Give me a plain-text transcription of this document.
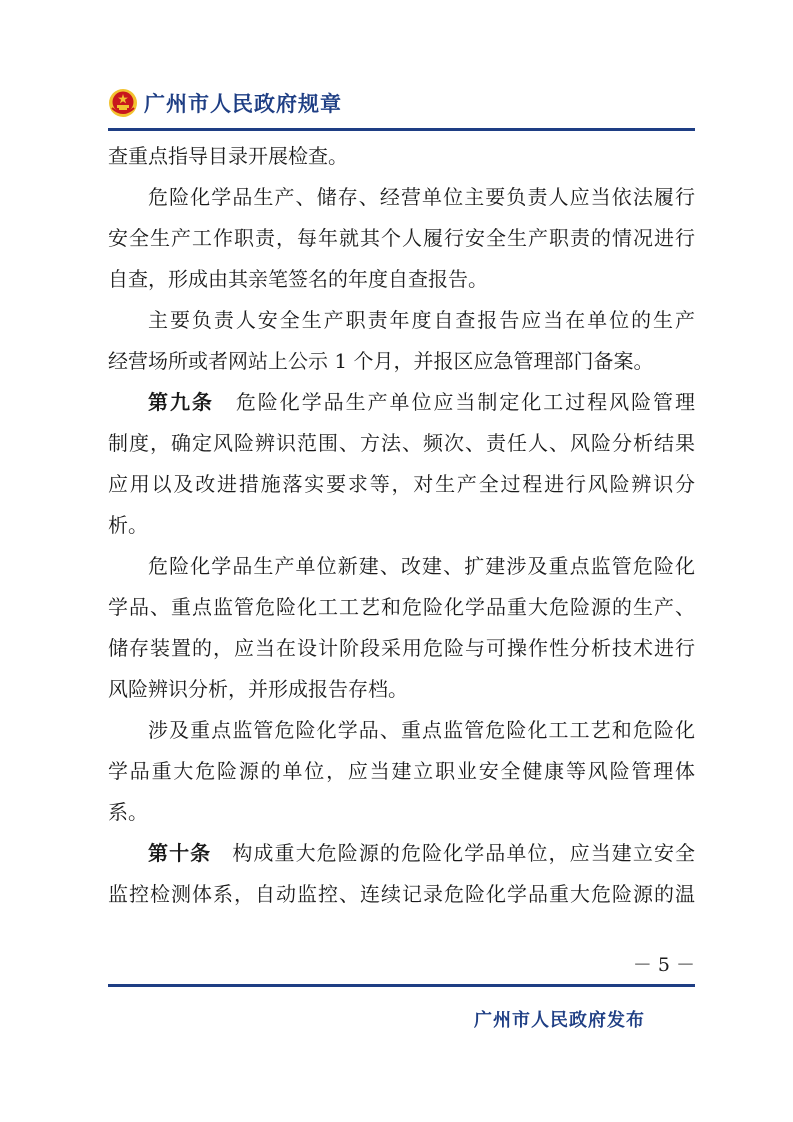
广州市人民政府规章
查重点指导目录开展检查。
危险化学品生产、储存、经营单位主要负责人应当依法履行
安全生产工作职责，每年就其个人履行安全生产职责的情况进行
自查，形成由其亲笔签名的年度自查报告。
主要负责人安全生产职责年度自查报告应当在单位的生产
经营场所或者网站上公示 1 个月，并报区应急管理部门备案。
第九条　 危险化学品生产单位应当制定化工过程风险管理
制度，确定风险辨识范围、方法、频次、责任人、风险分析结果
应用以及改进措施落实要求等，对生产全过程进行风险辨识分
析。
危险化学品生产单位新建、改建、扩建涉及重点监管危险化
学品、重点监管危险化工工艺和危险化学品重大危险源的生产、
储存装置的，应当在设计阶段采用危险与可操作性分析技术进行
风险辨识分析，并形成报告存档。
涉及重点监管危险化学品、重点监管危险化工工艺和危险化
学品重大危险源的单位，应当建立职业安全健康等风险管理体
系。
第十条　 构成重大危险源的危险化学品单位，应当建立安全
监控检测体系，自动监控、连续记录危险化学品重大危险源的温
－ 5 －
广州市人民政府发布
